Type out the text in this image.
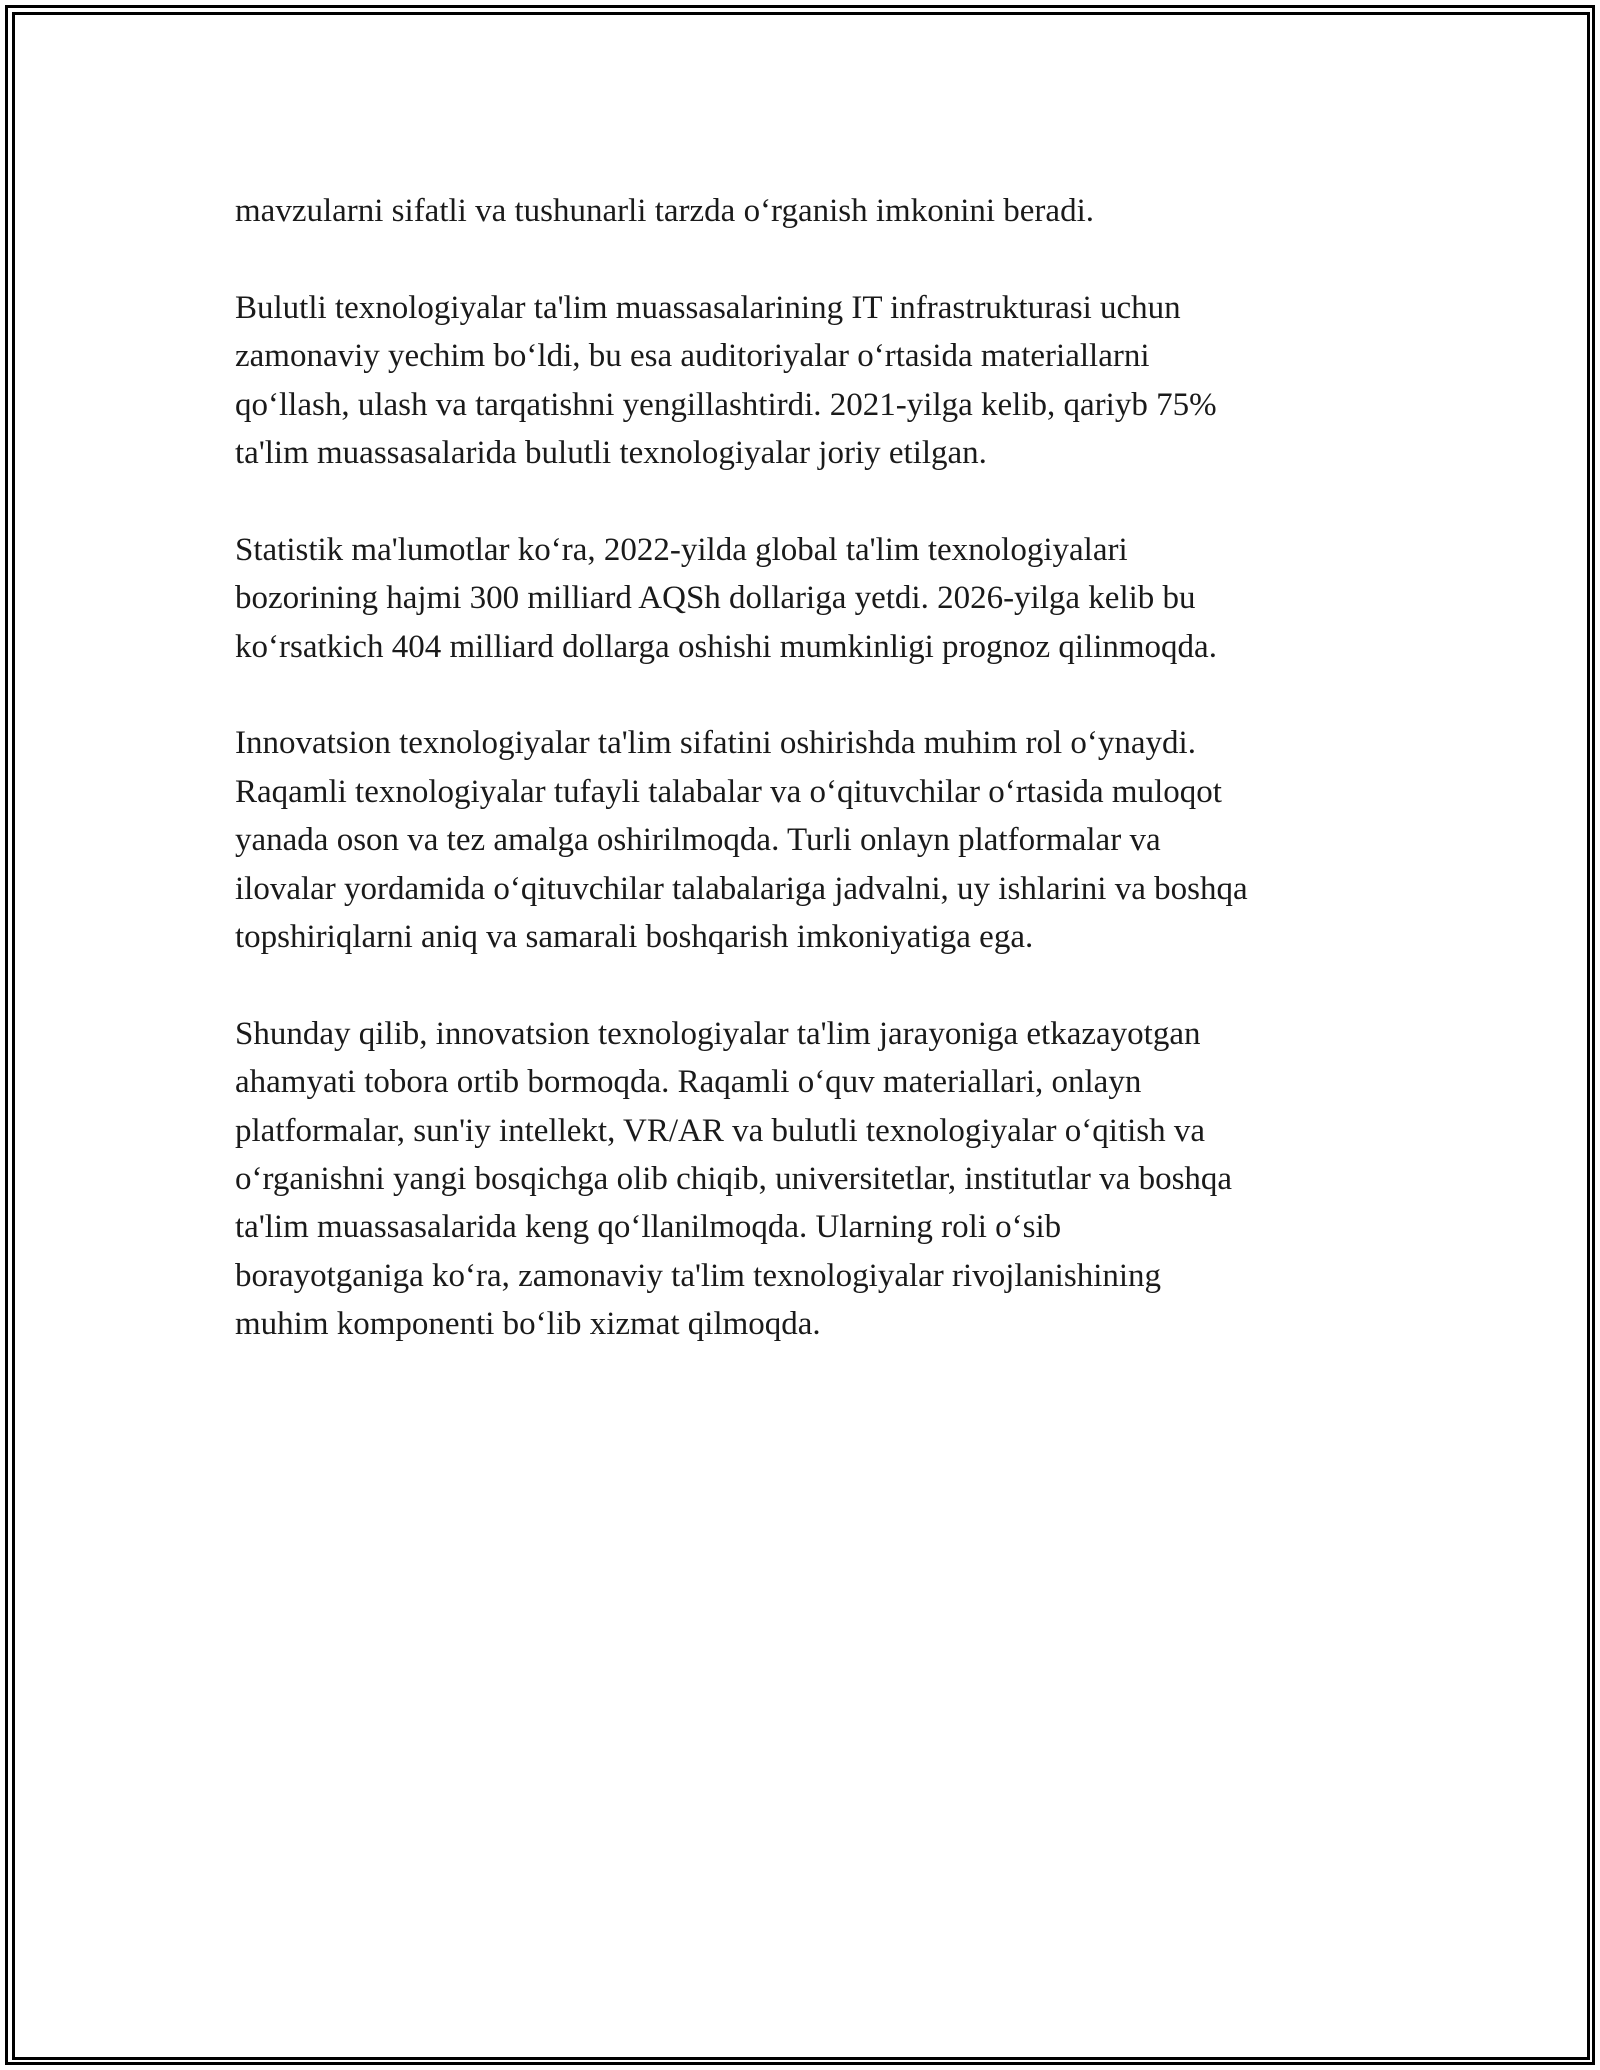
mavzularni sifatli va tushunarli tarzda o‘rganish imkonini beradi.

Bulutli texnologiyalar ta'lim muassasalarining IT infrastrukturasi uchun
zamonaviy yechim bo‘ldi, bu esa auditoriyalar o‘rtasida materiallarni
qo‘llash, ulash va tarqatishni yengillashtirdi. 2021-yilga kelib, qariyb 75%
ta'lim muassasalarida bulutli texnologiyalar joriy etilgan.

Statistik ma'lumotlar ko‘ra, 2022-yilda global ta'lim texnologiyalari
bozorining hajmi 300 milliard AQSh dollariga yetdi. 2026-yilga kelib bu
ko‘rsatkich 404 milliard dollarga oshishi mumkinligi prognoz qilinmoqda.

Innovatsion texnologiyalar ta'lim sifatini oshirishda muhim rol o‘ynaydi.
Raqamli texnologiyalar tufayli talabalar va o‘qituvchilar o‘rtasida muloqot
yanada oson va tez amalga oshirilmoqda. Turli onlayn platformalar va
ilovalar yordamida o‘qituvchilar talabalariga jadvalni, uy ishlarini va boshqa
topshiriqlarni aniq va samarali boshqarish imkoniyatiga ega.

Shunday qilib, innovatsion texnologiyalar ta'lim jarayoniga etkazayotgan
ahamyati tobora ortib bormoqda. Raqamli o‘quv materiallari, onlayn
platformalar, sun'iy intellekt, VR/AR va bulutli texnologiyalar o‘qitish va
o‘rganishni yangi bosqichga olib chiqib, universitetlar, institutlar va boshqa
ta'lim muassasalarida keng qo‘llanilmoqda. Ularning roli o‘sib
borayotganiga ko‘ra, zamonaviy ta'lim texnologiyalar rivojlanishining
muhim komponenti bo‘lib xizmat qilmoqda.
